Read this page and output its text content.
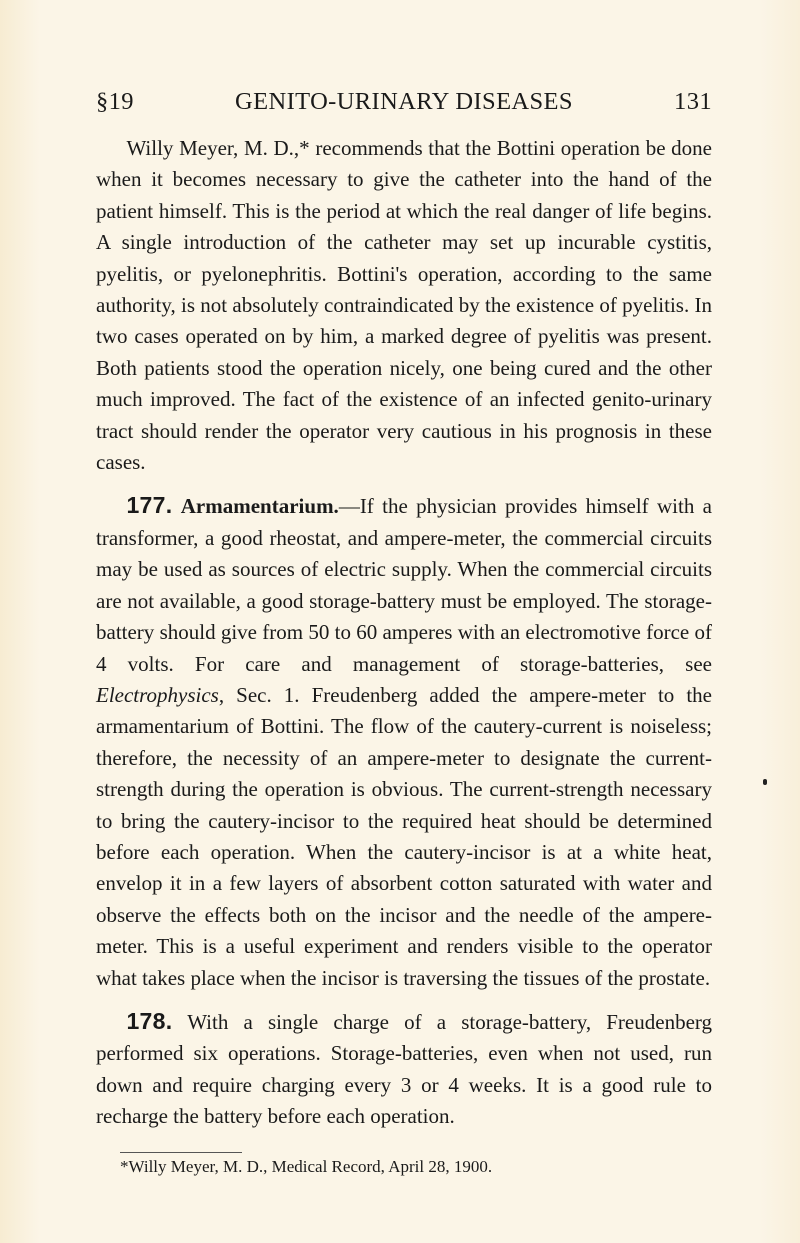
§19	GENITO-URINARY DISEASES	131

Willy Meyer, M. D.,* recommends that the Bottini operation be done when it becomes necessary to give the catheter into the hand of the patient himself. This is the period at which the real danger of life begins. A single introduction of the catheter may set up incurable cystitis, pyelitis, or pyelonephritis. Bottini's operation, according to the same authority, is not absolutely contraindicated by the existence of pyelitis. In two cases operated on by him, a marked degree of pyelitis was present. Both patients stood the operation nicely, one being cured and the other much improved. The fact of the existence of an infected genito-urinary tract should render the operator very cautious in his prognosis in these cases.

177. Armamentarium.—If the physician provides himself with a transformer, a good rheostat, and ampere-meter, the commercial circuits may be used as sources of electric supply. When the commercial circuits are not available, a good storage-battery must be employed. The storage-battery should give from 50 to 60 amperes with an electromotive force of 4 volts. For care and management of storage-batteries, see Electrophysics, Sec. 1. Freudenberg added the ampere-meter to the armamentarium of Bottini. The flow of the cautery-current is noiseless; therefore, the necessity of an ampere-meter to designate the current-strength during the operation is obvious. The current-strength necessary to bring the cautery-incisor to the required heat should be determined before each operation. When the cautery-incisor is at a white heat, envelop it in a few layers of absorbent cotton saturated with water and observe the effects both on the incisor and the needle of the ampere-meter. This is a useful experiment and renders visible to the operator what takes place when the incisor is traversing the tissues of the prostate.

178. With a single charge of a storage-battery, Freudenberg performed six operations. Storage-batteries, even when not used, run down and require charging every 3 or 4 weeks. It is a good rule to recharge the battery before each operation.

*Willy Meyer, M. D., Medical Record, April 28, 1900.
